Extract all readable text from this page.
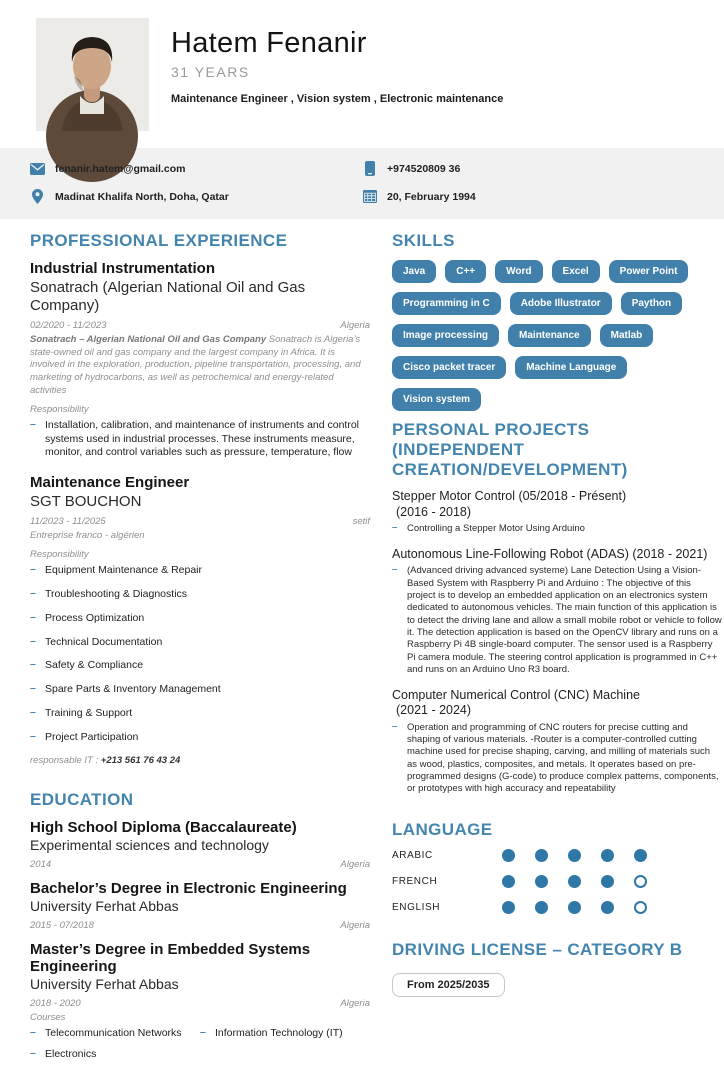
Hatem Fenanir
31 YEARS
Maintenance Engineer , Vision system , Electronic maintenance
fenanir.hatem@gmail.com	+974520809 36
Madinat Khalifa North, Doha, Qatar	20, February 1994
PROFESSIONAL EXPERIENCE
Industrial Instrumentation
Sonatrach (Algerian National Oil and Gas Company)
02/2020 - 11/2023	Algeria
Sonatrach – Algerian National Oil and Gas Company Sonatrach is Algeria’s state-owned oil and gas company and the largest company in Africa. It is involved in the exploration, production, pipeline transportation, processing, and marketing of hydrocarbons, as well as petrochemical and energy-related activities
Responsibility
– Installation, calibration, and maintenance of instruments and control systems used in industrial processes. These instruments measure, monitor, and control variables such as pressure, temperature, flow
Maintenance Engineer
SGT BOUCHON
11/2023 - 11/2025	setif
Entreprise franco - algérien
Responsibility
– Equipment Maintenance & Repair
– Troubleshooting & Diagnostics
– Process Optimization
– Technical Documentation
– Safety & Compliance
– Spare Parts & Inventory Management
– Training & Support
– Project Participation
responsable IT : +213 561 76 43 24
EDUCATION
High School Diploma (Baccalaureate)
Experimental sciences and technology
2014	Algeria
Bachelor’s Degree in Electronic Engineering
University Ferhat Abbas
2015 - 07/2018	Algeria
Master’s Degree in Embedded Systems Engineering
University Ferhat Abbas
2018 - 2020	Algeria
Courses
– Telecommunication Networks
– Electronics
– Information Technology (IT)
SKILLS
Java	C++	Word	Excel	Power Point
Programming in C	Adobe Illustrator	Paython
Image processing	Maintenance	Matlab
Cisco packet tracer	Machine Language
Vision system
PERSONAL PROJECTS (INDEPENDENT CREATION/DEVELOPMENT)
Stepper Motor Control (05/2018 - Présent)
(2016 - 2018)
– Controlling a Stepper Motor Using Arduino
Autonomous Line-Following Robot (ADAS) (2018 - 2021)
– (Advanced driving advanced systeme) Lane Detection Using a Vision-Based System with Raspberry Pi and Arduino : The objective of this project is to develop an embedded application on an electronics system dedicated to autonomous vehicles. The main function of this application is to detect the driving lane and allow a small mobile robot or vehicle to follow it. The detection application is based on the OpenCV library and runs on a Raspberry Pi 4B single-board computer. The sensor used is a Raspberry Pi camera module. The steering control application is programmed in C++ and runs on an Arduino Uno R3 board.
Computer Numerical Control (CNC) Machine
(2021 - 2024)
– Operation and programming of CNC routers for precise cutting and shaping of various materials. -Router is a computer-controlled cutting machine used for precise shaping, carving, and milling of materials such as wood, plastics, composites, and metals. It operates based on pre-programmed designs (G-code) to produce complex patterns, components, or prototypes with high accuracy and repeatability
LANGUAGE
ARABIC
FRENCH
ENGLISH
DRIVING LICENSE – CATEGORY B
From 2025/2035
